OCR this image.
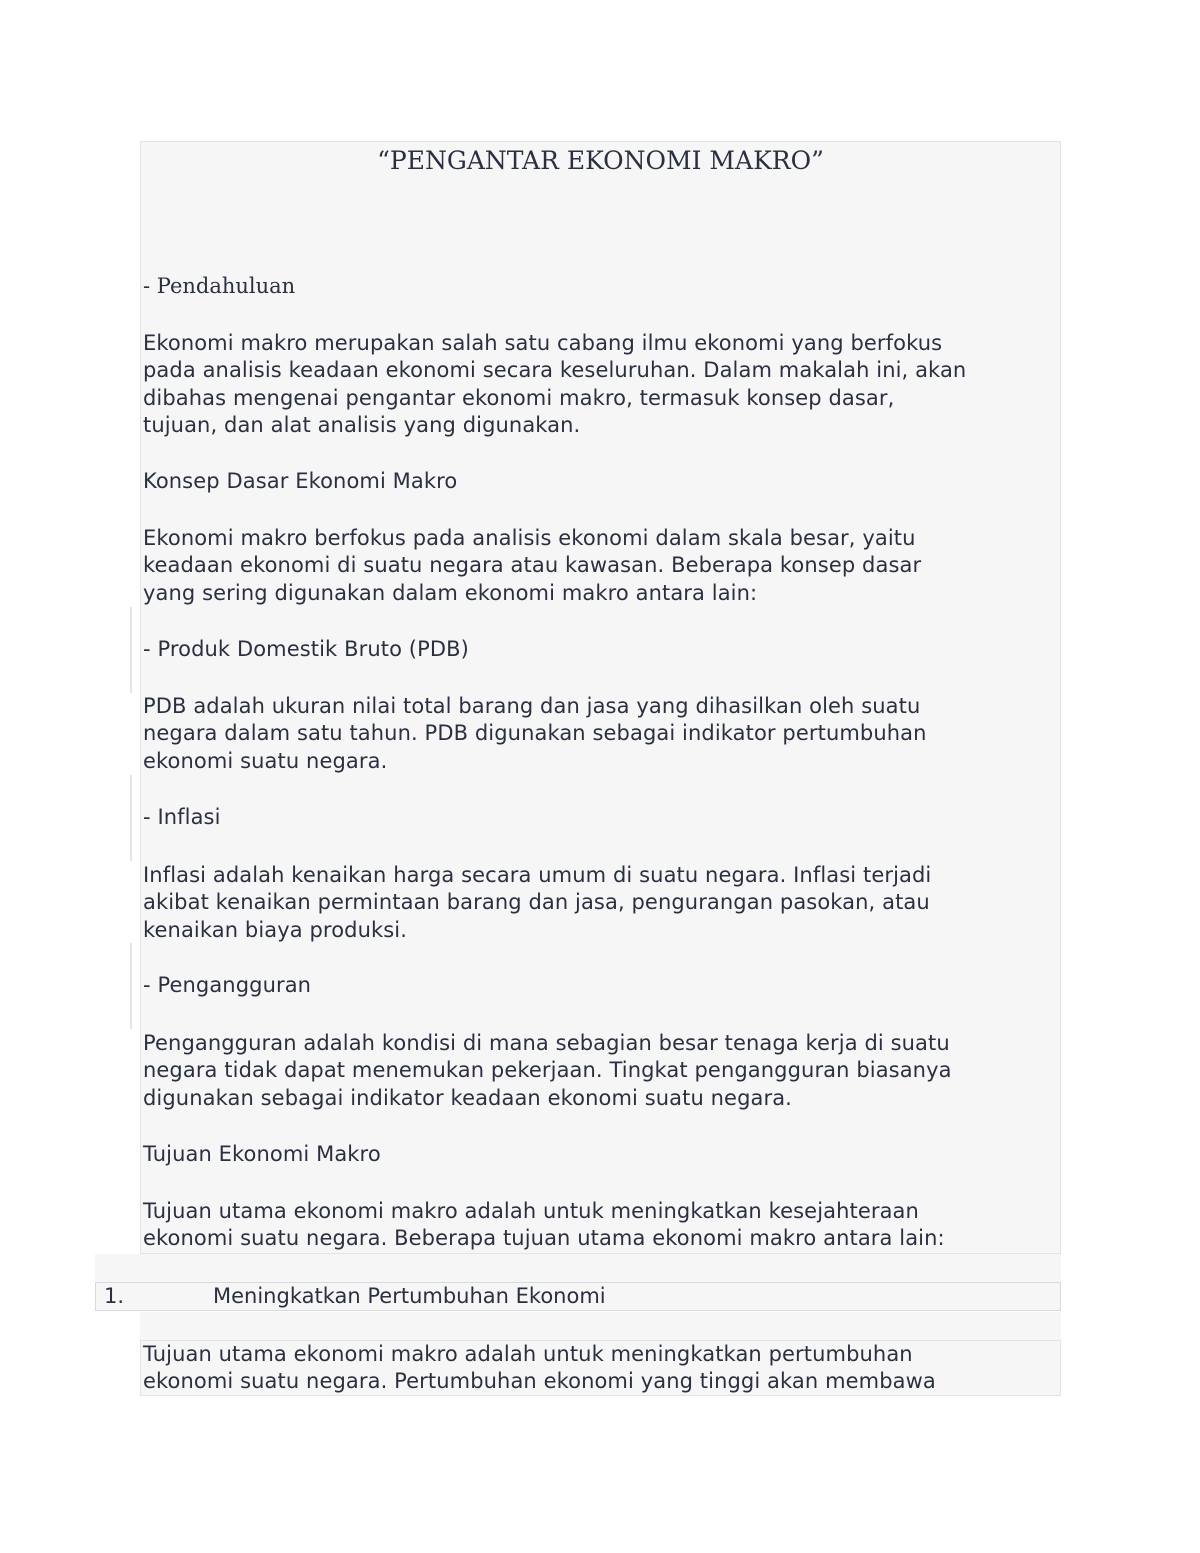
“PENGANTAR EKONOMI MAKRO”
- Pendahuluan
Ekonomi makro merupakan salah satu cabang ilmu ekonomi yang berfokus
pada analisis keadaan ekonomi secara keseluruhan. Dalam makalah ini, akan
dibahas mengenai pengantar ekonomi makro, termasuk konsep dasar,
tujuan, dan alat analisis yang digunakan.
Konsep Dasar Ekonomi Makro
Ekonomi makro berfokus pada analisis ekonomi dalam skala besar, yaitu
keadaan ekonomi di suatu negara atau kawasan. Beberapa konsep dasar
yang sering digunakan dalam ekonomi makro antara lain:
- Produk Domestik Bruto (PDB)
PDB adalah ukuran nilai total barang dan jasa yang dihasilkan oleh suatu
negara dalam satu tahun. PDB digunakan sebagai indikator pertumbuhan
ekonomi suatu negara.
- Inflasi
Inflasi adalah kenaikan harga secara umum di suatu negara. Inflasi terjadi
akibat kenaikan permintaan barang dan jasa, pengurangan pasokan, atau
kenaikan biaya produksi.
- Pengangguran
Pengangguran adalah kondisi di mana sebagian besar tenaga kerja di suatu
negara tidak dapat menemukan pekerjaan. Tingkat pengangguran biasanya
digunakan sebagai indikator keadaan ekonomi suatu negara.
Tujuan Ekonomi Makro
Tujuan utama ekonomi makro adalah untuk meningkatkan kesejahteraan
ekonomi suatu negara. Beberapa tujuan utama ekonomi makro antara lain:
1.	Meningkatkan Pertumbuhan Ekonomi
Tujuan utama ekonomi makro adalah untuk meningkatkan pertumbuhan
ekonomi suatu negara. Pertumbuhan ekonomi yang tinggi akan membawa
